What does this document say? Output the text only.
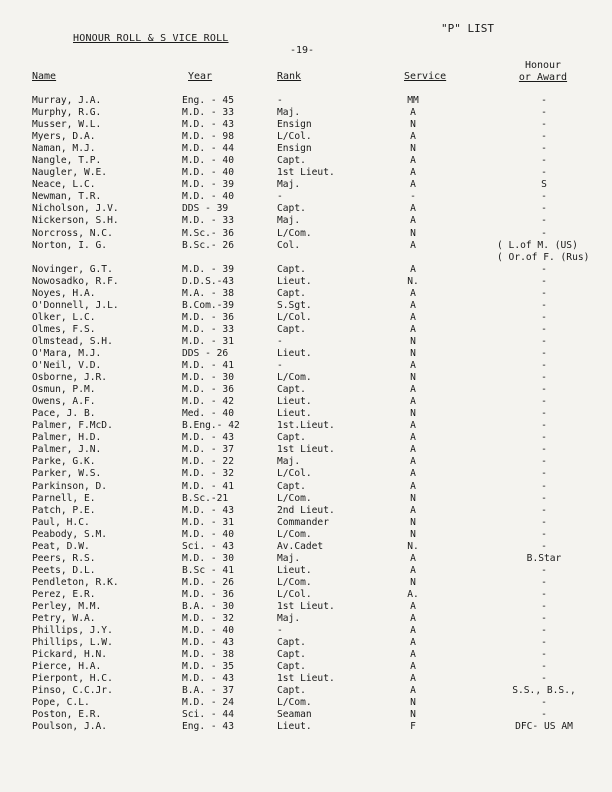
HONOUR ROLL & S VICE ROLL
"P" LIST
-19-
Name	Year	Rank	Service
Honour
or Award
Murray, J.A.	Eng. - 45	-	MM	-
Murphy, R.G.	M.D. - 33	Maj.	A	-
Musser, W.L.	M.D. - 43	Ensign	N	-
Myers, D.A.	M.D. - 98	L/Col.	A	-
Naman, M.J.	M.D. - 44	Ensign	N	-
Nangle, T.P.	M.D. - 40	Capt.	A	-
Naugler, W.E.	M.D. - 40	1st Lieut.	A	-
Neace, L.C.	M.D. - 39	Maj.	A	S
Newman, T.R.	M.D. - 40	-	-	-
Nicholson, J.V.	DDS - 39	Capt.	A	-
Nickerson, S.H.	M.D. - 33	Maj.	A	-
Norcross, N.C.	M.Sc.- 36	L/Com.	N	-
Norton, I. G.	B.Sc.- 26	Col.	A	( L.of M. (US)
( Or.of F. (Rus)
Novinger, G.T.	M.D. - 39	Capt.	A	-
Nowosadko, R.F.	D.D.S.-43	Lieut.	N.	-
Noyes, H.A.	M.A. - 38	Capt.	A	-
O'Donnell, J.L.	B.Com.-39	S.Sgt.	A	-
Olker, L.C.	M.D. - 36	L/Col.	A	-
Olmes, F.S.	M.D. - 33	Capt.	A	-
Olmstead, S.H.	M.D. - 31	-	N	-
O'Mara, M.J.	DDS - 26	Lieut.	N	-
O'Neil, V.D.	M.D. - 41	-	A	-
Osborne, J.R.	M.D. - 30	L/Com.	N	-
Osmun, P.M.	M.D. - 36	Capt.	A	-
Owens, A.F.	M.D. - 42	Lieut.	A	-
Pace, J. B.	Med. - 40	Lieut.	N	-
Palmer, F.McD.	B.Eng.- 42	1st.Lieut.	A	-
Palmer, H.D.	M.D. - 43	Capt.	A	-
Palmer, J.N.	M.D. - 37	1st Lieut.	A	-
Parke, G.K.	M.D. - 22	Maj.	A	-
Parker, W.S.	M.D. - 32	L/Col.	A	-
Parkinson, D.	M.D. - 41	Capt.	A	-
Parnell, E.	B.Sc.-21	L/Com.	N	-
Patch, P.E.	M.D. - 43	2nd Lieut.	A	-
Paul, H.C.	M.D. - 31	Commander	N	-
Peabody, S.M.	M.D. - 40	L/Com.	N	-
Peat, D.W.	Sci. - 43	Av.Cadet	N.	-
Peers, R.S.	M.D. - 30	Maj.	A	B.Star
Peets, D.L.	B.Sc - 41	Lieut.	A	-
Pendleton, R.K.	M.D. - 26	L/Com.	N	-
Perez, E.R.	M.D. - 36	L/Col.	A.	-
Perley, M.M.	B.A. - 30	1st Lieut.	A	-
Petry, W.A.	M.D. - 32	Maj.	A	-
Phillips, J.Y.	M.D. - 40	-	A	-
Phillips, L.W.	M.D. - 43	Capt.	A	-
Pickard, H.N.	M.D. - 38	Capt.	A	-
Pierce, H.A.	M.D. - 35	Capt.	A	-
Pierpont, H.C.	M.D. - 43	1st Lieut.	A	-
Pinso, C.C.Jr.	B.A. - 37	Capt.	A	S.S., B.S.,
Pope, C.L.	M.D. - 24	L/Com.	N	-
Poston, E.R.	Sci. - 44	Seaman	N	-
Poulson, J.A.	Eng. - 43	Lieut.	F	DFC- US AM
